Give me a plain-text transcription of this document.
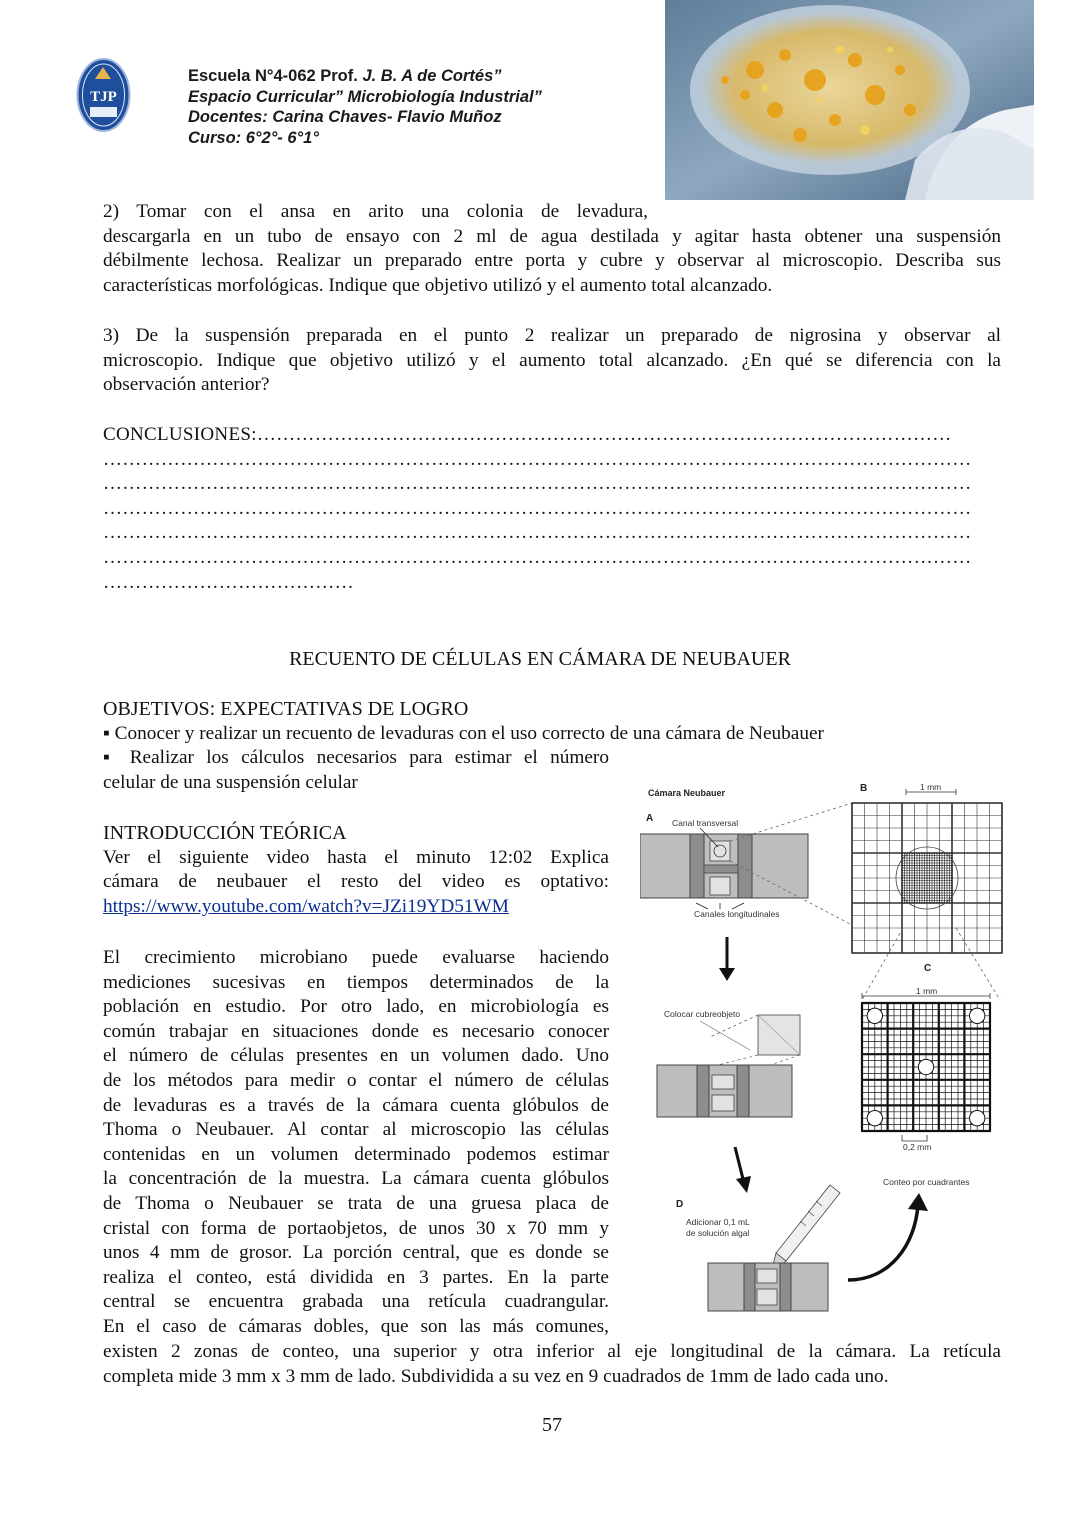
TJP
Escuela N°4-062 Prof. J. B. A de Cortés”
Espacio Curricular” Microbiología Industrial”
Docentes: Carina Chaves- Flavio Muñoz
Curso: 6°2°- 6°1°
2) Tomar con el ansa en arito una colonia de levadura,
descargarla en un tubo de ensayo con 2 ml de agua destilada y agitar hasta obtener una suspensión
débilmente lechosa. Realizar un preparado entre porta y cubre y observar al microscopio. Describa sus
características morfológicas. Indique que objetivo utilizó y el aumento total alcanzado.
3) De la suspensión preparada en el punto 2 realizar un preparado de nigrosina y observar al
microscopio. Indique que objetivo utilizó y el aumento total alcanzado. ¿En qué se diferencia con la
observación anterior?
CONCLUSIONES:………………………………………………………………………………………………
………………………………………………………………………………………………………………………
………………………………………………………………………………………………………………………
………………………………………………………………………………………………………………………
………………………………………………………………………………………………………………………
………………………………………………………………………………………………………………………
…………………………………
RECUENTO DE CÉLULAS EN CÁMARA DE NEUBAUER
OBJETIVOS: EXPECTATIVAS DE LOGRO
▪ Conocer y realizar un recuento de levaduras con el uso correcto de una cámara de Neubauer
▪ Realizar los cálculos necesarios para estimar el número
celular de una suspensión celular
INTRODUCCIÓN TEÓRICA
Ver el siguiente video hasta el minuto 12:02 Explica
cámara de neubauer el resto del video es optativo:
https://www.youtube.com/watch?v=JZi19YD51WM
El crecimiento microbiano puede evaluarse haciendo
mediciones sucesivas en tiempos determinados de la
población en estudio. Por otro lado, en microbiología es
común trabajar en situaciones donde es necesario conocer
el número de células presentes en un volumen dado. Uno
de los métodos para medir o contar el número de células
de levaduras es a través de la cámara cuenta glóbulos de
Thoma o Neubauer. Al contar al microscopio las células
contenidas en un volumen determinado podemos estimar
la concentración de la muestra. La cámara cuenta glóbulos
de Thoma o Neubauer se trata de una gruesa placa de
cristal con forma de portaobjetos, de unos 30 x 70 mm y
unos 4 mm de grosor. La porción central, que es donde se
realiza el conteo, está dividida en 3 partes. En la parte
central se encuentra grabada una retícula cuadrangular.
En el caso de cámaras dobles, que son las más comunes,
existen 2 zonas de conteo, una superior y otra inferior al eje longitudinal de la cámara. La retícula
completa mide 3 mm x 3 mm de lado. Subdividida a su vez en 9 cuadrados de 1mm de lado cada uno.
Cámara Neubauer
A Canal transversal
Canales longitudinales
B	1 mm
C
1 mm
0,2 mm
Colocar cubreobjeto
D
Adicionar 0,1 mL
de solución algal
Conteo por cuadrantes
57
